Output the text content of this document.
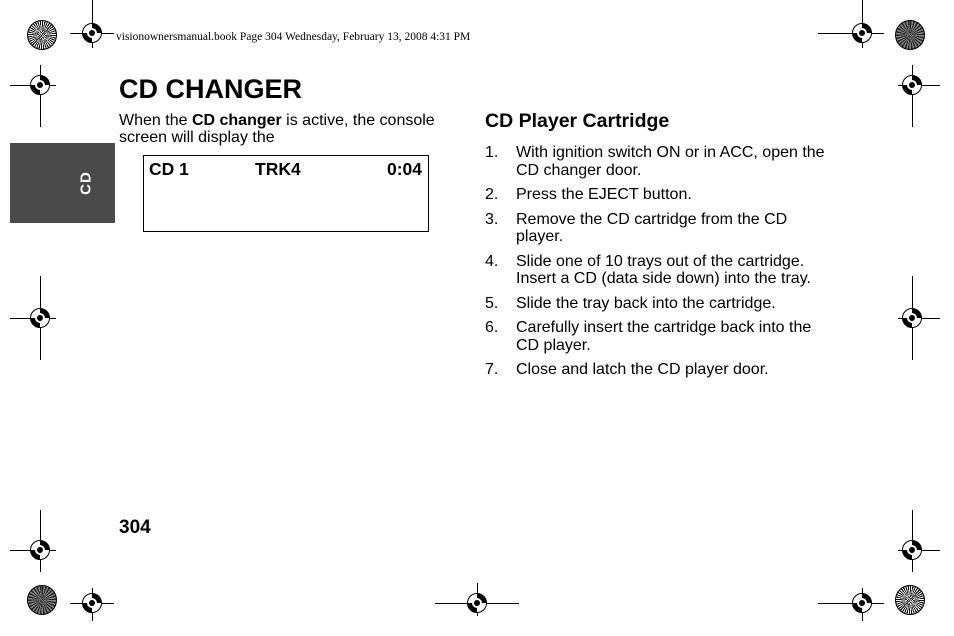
visionownersmanual.book Page 304 Wednesday, February 13, 2008 4:31 PM
CD
CD CHANGER

When the CD changer is active, the console screen will display the

CD 1	TRK4	0:04
CD Player Cartridge
1. With ignition switch ON or in ACC, open the CD changer door.
2. Press the EJECT button.
3. Remove the CD cartridge from the CD player.
4. Slide one of 10 trays out of the cartridge. Insert a CD (data side down) into the tray.
5. Slide the tray back into the cartridge.
6. Carefully insert the cartridge back into the CD player.
7. Close and latch the CD player door.
304
